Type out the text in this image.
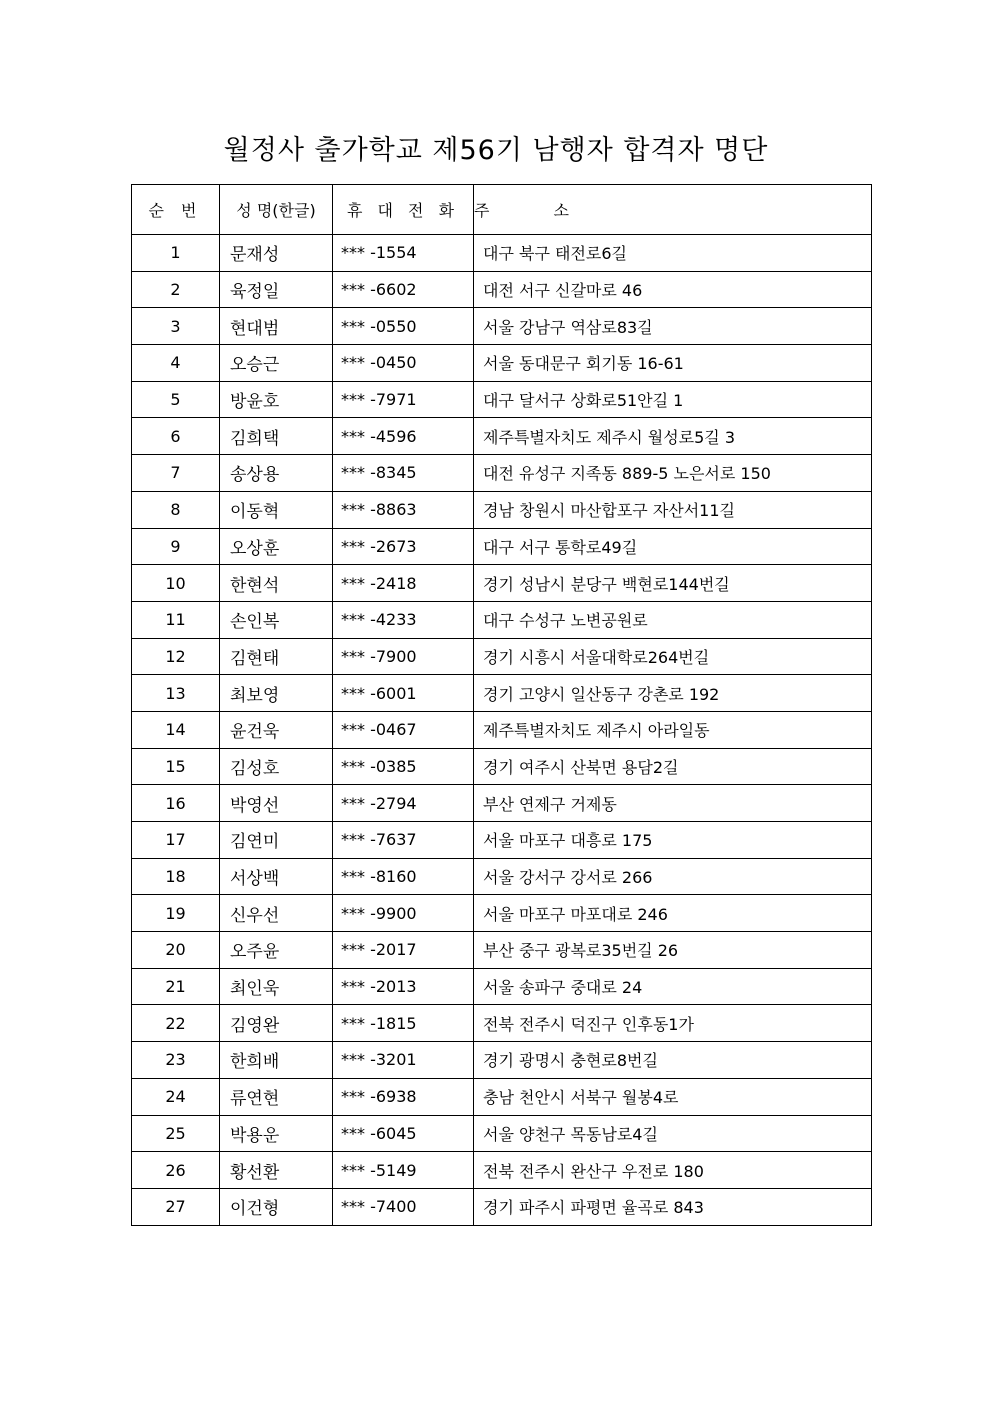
월정사 출가학교 제56기 남행자 합격자 명단
순 번	성 명(한글)	휴 대 전 화	주 소
1	문재성	*** -1554	대구 북구 태전로6길
2	육정일	*** -6602	대전 서구 신갈마로 46
3	현대범	*** -0550	서울 강남구 역삼로83길
4	오승근	*** -0450	서울 동대문구 회기동 16-61
5	방윤호	*** -7971	대구 달서구 상화로51안길 1
6	김희택	*** -4596	제주특별자치도 제주시 월성로5길 3
7	송상용	*** -8345	대전 유성구 지족동 889-5 노은서로 150
8	이동혁	*** -8863	경남 창원시 마산합포구 자산서11길
9	오상훈	*** -2673	대구 서구 통학로49길
10	한현석	*** -2418	경기 성남시 분당구 백현로144번길
11	손인복	*** -4233	대구 수성구 노변공원로
12	김현태	*** -7900	경기 시흥시 서울대학로264번길
13	최보영	*** -6001	경기 고양시 일산동구 강촌로 192
14	윤건욱	*** -0467	제주특별자치도 제주시 아라일동
15	김성호	*** -0385	경기 여주시 산북면 용담2길
16	박영선	*** -2794	부산 연제구 거제동
17	김연미	*** -7637	서울 마포구 대흥로 175
18	서상백	*** -8160	서울 강서구 강서로 266
19	신우선	*** -9900	서울 마포구 마포대로 246
20	오주윤	*** -2017	부산 중구 광복로35번길 26
21	최인욱	*** -2013	서울 송파구 중대로 24
22	김영완	*** -1815	전북 전주시 덕진구 인후동1가
23	한희배	*** -3201	경기 광명시 충현로8번길
24	류연현	*** -6938	충남 천안시 서북구 월봉4로
25	박용운	*** -6045	서울 양천구 목동남로4길
26	황선환	*** -5149	전북 전주시 완산구 우전로 180
27	이건형	*** -7400	경기 파주시 파평면 율곡로 843
